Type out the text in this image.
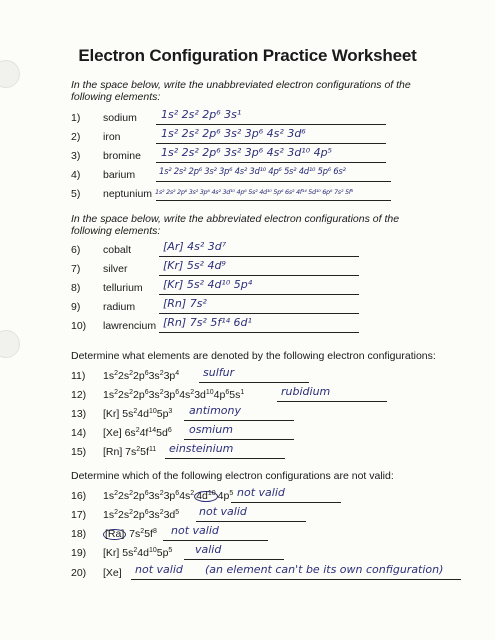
Electron Configuration Practice Worksheet
In the space below, write the unabbreviated electron configurations of the following elements:
1) sodium 1s² 2s² 2p⁶ 3s¹
2) iron	1s² 2s² 2p⁶ 3s² 3p⁶ 4s² 3d⁶
3) bromine 1s² 2s² 2p⁶ 3s² 3p⁶ 4s² 3d¹⁰ 4p⁵
4) barium	1s² 2s² 2p⁶ 3s² 3p⁶ 4s² 3d¹⁰ 4p⁶ 5s² 4d¹⁰ 5p⁶ 6s²
5) neptunium 1s² 2s² 2p⁶ 3s² 3p⁶ 4s² 3d¹⁰ 4p⁶ 5s² 4d¹⁰ 5p⁶ 6s² 4f¹⁴ 5d¹⁰ 6p⁶ 7s² 5f⁵
In the space below, write the abbreviated electron configurations of the following elements:
6) cobalt	[Ar] 4s² 3d⁷
7) silver	[Kr] 5s² 4d⁹
8) tellurium [Kr] 5s² 4d¹⁰ 5p⁴
9) radium	[Rn] 7s²
10) lawrencium [Rn] 7s² 5f¹⁴ 6d¹
Determine what elements are denoted by the following electron configurations:
11) $1s^22s^22p^63s^23p^4$ sulfur
12) $1s^22s^22p^63s^23p^64s^23d^{10}4p^65s^1$	rubidium
13) [Kr] $5s^24d^{10}5p^3$ antimony
14) [Xe] $6s^24f^{14}5d^6$ osmium
15) [Rn] $7s^25f^{11}$ einsteinium
Determine which of the following electron configurations are not valid:
16) $1s^22s^22p^63s^23p^64s^2$ $4d^{10}$ $4p^5$ not valid
17) $1s^22s^22p^63s^23d^5$ not valid
18) [Ra] $7s^25f^8$ not valid
19) [Kr] $5s^24d^{10}5p^5$ valid
20) [Xe] not valid (an element can't be its own configuration)
